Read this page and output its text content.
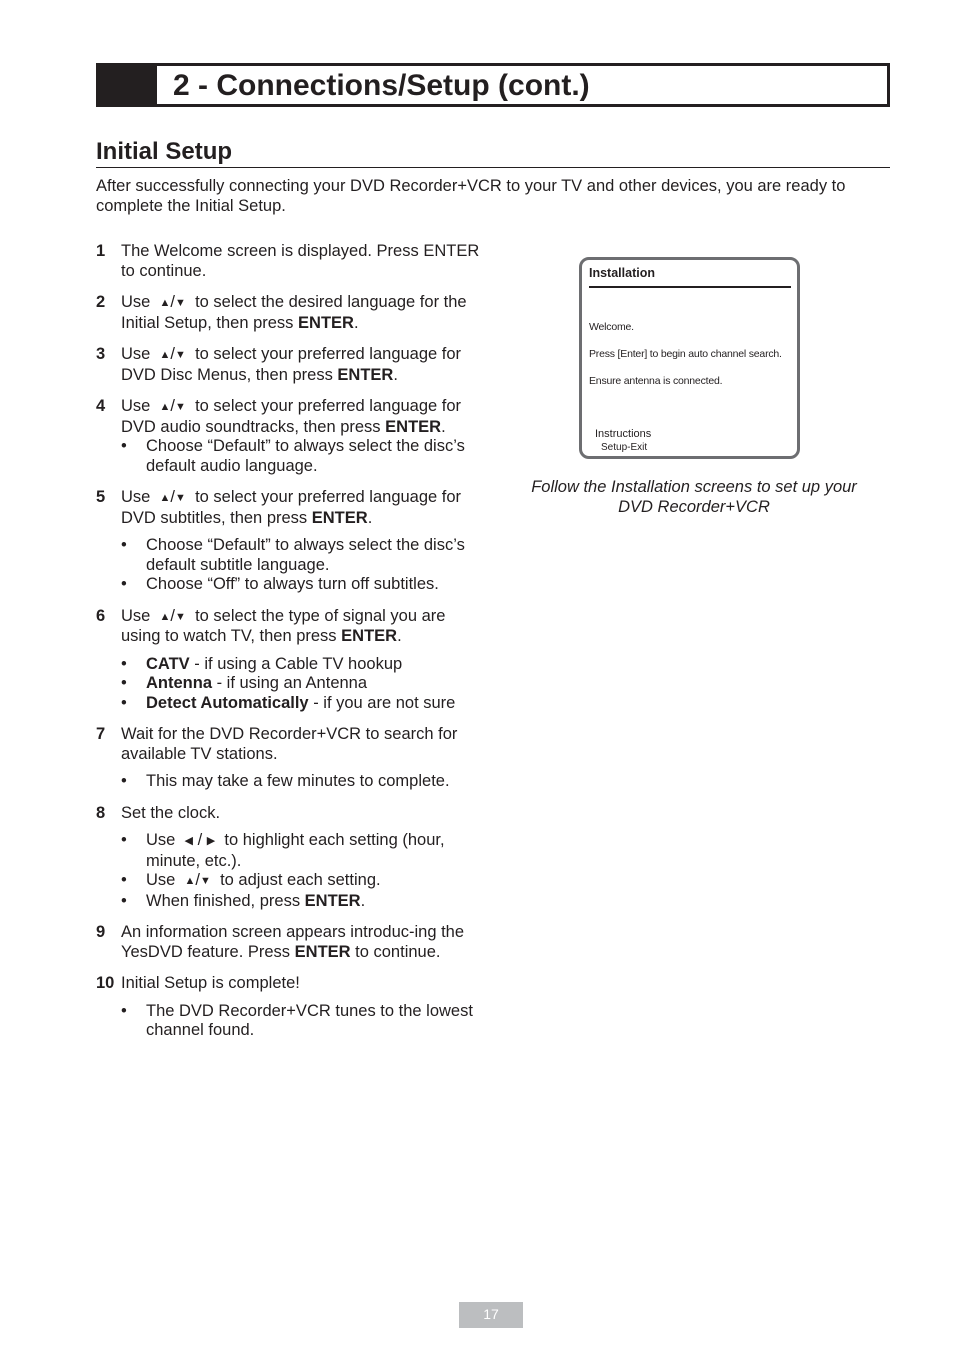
2 - Connections/Setup (cont.)
Initial Setup
After successfully connecting your DVD Recorder+VCR to your TV and other devices, you are ready to complete the Initial Setup.
1 The Welcome screen is displayed. Press ENTER to continue.
2 Use ▲/▼ to select the desired language for the Initial Setup, then press ENTER.
3 Use ▲/▼ to select your preferred language for DVD Disc Menus, then press ENTER.
4 Use ▲/▼ to select your preferred language for DVD audio soundtracks, then press ENTER.
• Choose “Default” to always select the disc’s default audio language.
5 Use ▲/▼ to select your preferred language for DVD subtitles, then press ENTER.
• Choose “Default” to always select the disc’s default subtitle language.
• Choose “Off” to always turn off subtitles.
6 Use ▲/▼ to select the type of signal you are using to watch TV, then press ENTER.
• CATV - if using a Cable TV hookup
• Antenna - if using an Antenna
• Detect Automatically - if you are not sure
7 Wait for the DVD Recorder+VCR to search for available TV stations.
• This may take a few minutes to complete.
8 Set the clock.
• Use ◀ / ▶ to highlight each setting (hour, minute, etc.).
• Use ▲/▼ to adjust each setting.
• When finished, press ENTER.
9 An information screen appears introduc-ing the YesDVD feature. Press ENTER to continue.
10 Initial Setup is complete!
• The DVD Recorder+VCR tunes to the lowest channel found.
Installation
Welcome.
Press [Enter] to begin auto channel search.
Ensure antenna is connected.
Instructions
Setup-Exit
Follow the Installation screens to set up your DVD Recorder+VCR
17
